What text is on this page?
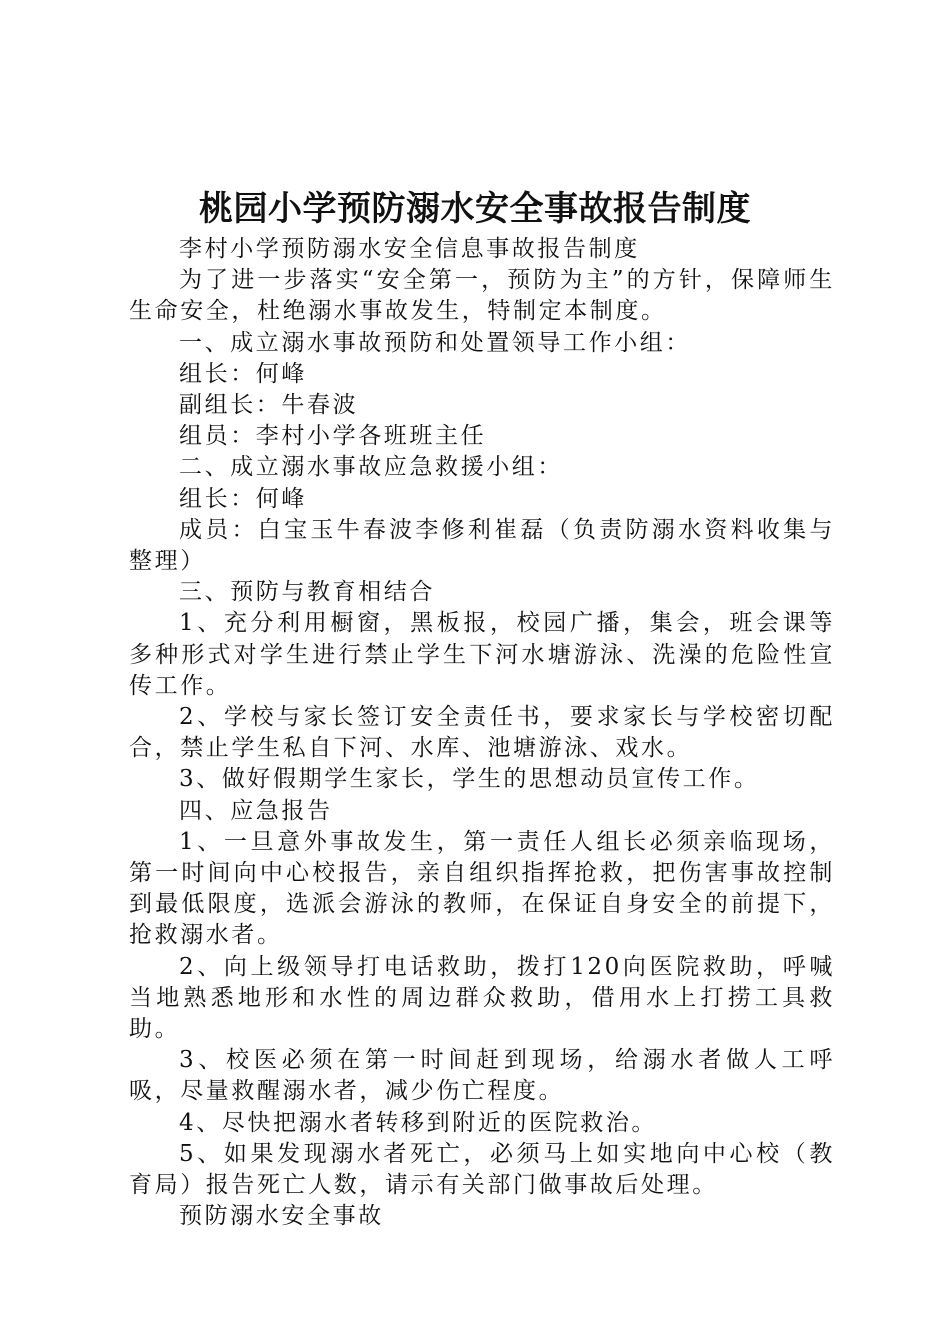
桃园小学预防溺水安全事故报告制度

李村小学预防溺水安全信息事故报告制度

为了进一步落实“安全第一，预防为主”的方针，保障师生生命安全，杜绝溺水事故发生，特制定本制度。

一、成立溺水事故预防和处置领导工作小组：

组长：何峰

副组长：牛春波

组员：李村小学各班班主任

二、成立溺水事故应急救援小组：

组长：何峰

成员：白宝玉牛春波李修利崔磊（负责防溺水资料收集与整理）

三、预防与教育相结合

1、充分利用橱窗，黑板报，校园广播，集会，班会课等多种形式对学生进行禁止学生下河水塘游泳、洗澡的危险性宣传工作。

2、学校与家长签订安全责任书，要求家长与学校密切配合，禁止学生私自下河、水库、池塘游泳、戏水。

3、做好假期学生家长，学生的思想动员宣传工作。

四、应急报告

1、一旦意外事故发生，第一责任人组长必须亲临现场，第一时间向中心校报告，亲自组织指挥抢救，把伤害事故控制到最低限度，选派会游泳的教师，在保证自身安全的前提下，抢救溺水者。

2、向上级领导打电话救助，拨打120向医院救助，呼喊当地熟悉地形和水性的周边群众救助，借用水上打捞工具救助。

3、校医必须在第一时间赶到现场，给溺水者做人工呼吸，尽量救醒溺水者，减少伤亡程度。

4、尽快把溺水者转移到附近的医院救治。

5、如果发现溺水者死亡，必须马上如实地向中心校（教育局）报告死亡人数，请示有关部门做事故后处理。

预防溺水安全事故
